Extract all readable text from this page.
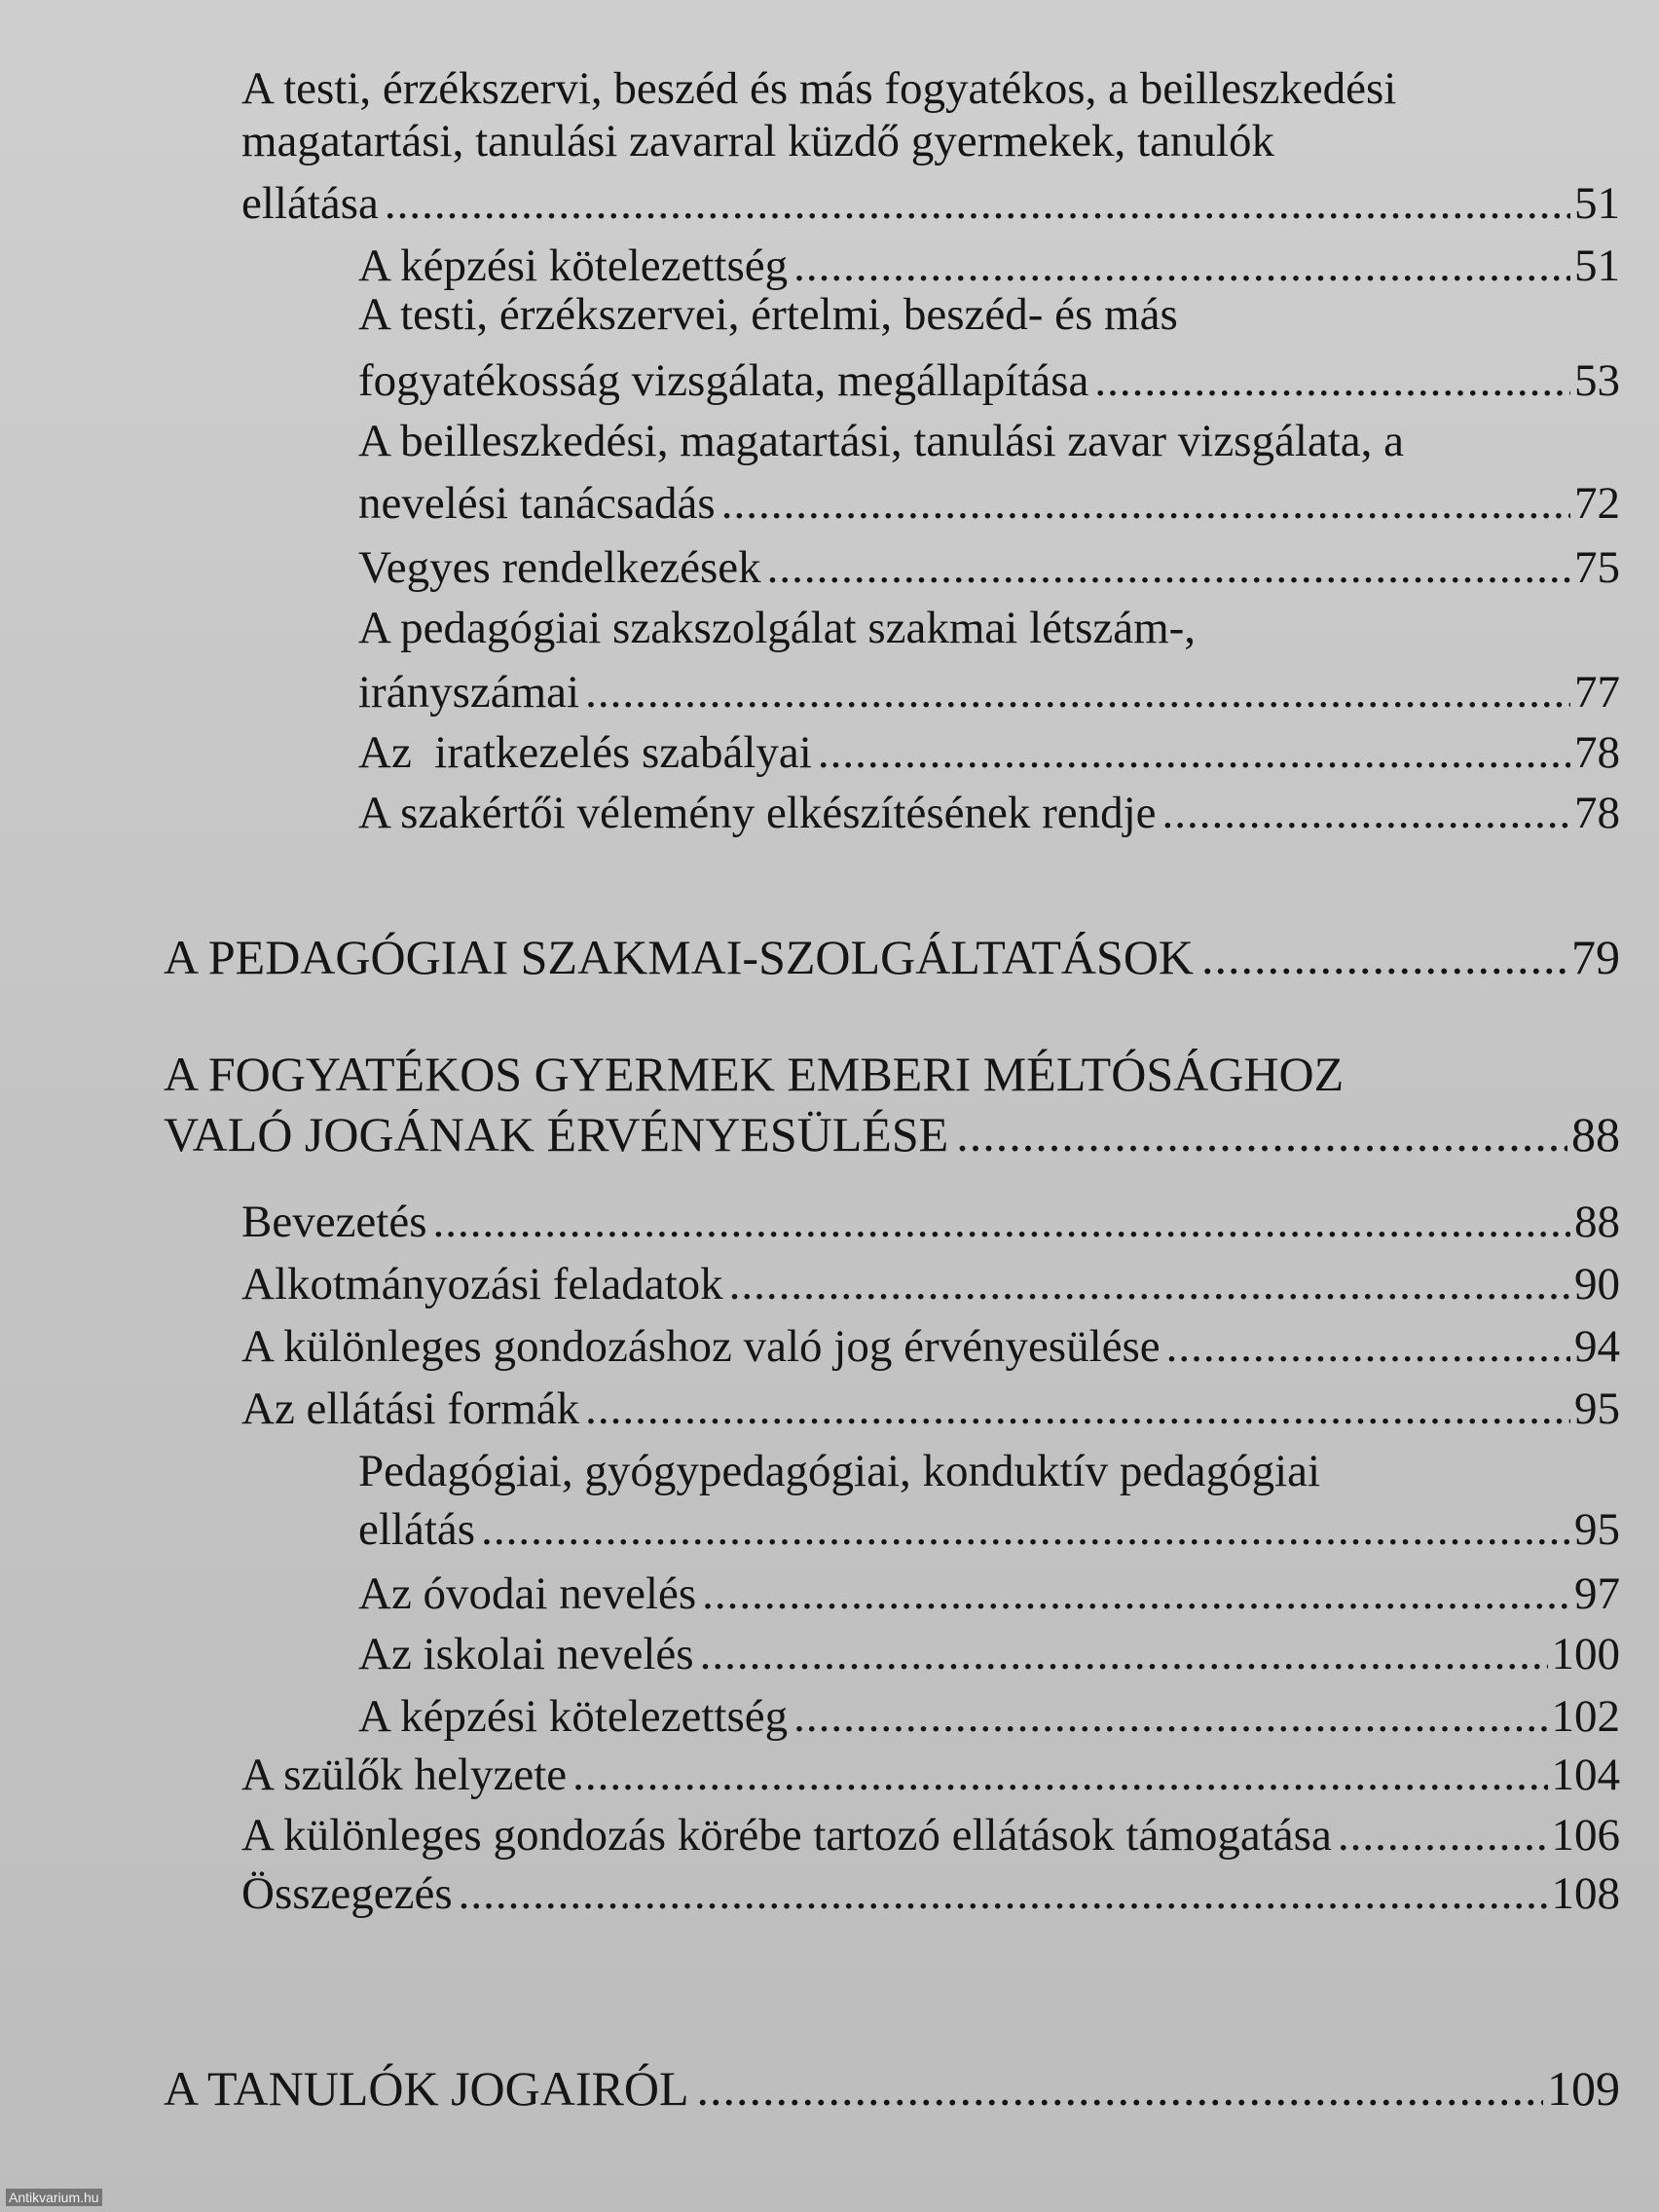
A testi, érzékszervi, beszéd és más fogyatékos, a beilleszkedési
magatartási, tanulási zavarral küzdő gyermekek, tanulók
ellátása .....	51
A képzési kötelezettség .....	51
A testi, érzékszervei, értelmi, beszéd- és más
fogyatékosság vizsgálata, megállapítása .....	53
A beilleszkedési, magatartási, tanulási zavar vizsgálata, a
nevelési tanácsadás .....	72
Vegyes rendelkezések .....	75
A pedagógiai szakszolgálat szakmai létszám-,
irányszámai .....	77
Az  iratkezelés szabályai .....	78
A szakértői vélemény elkészítésének rendje .....	78
A PEDAGÓGIAI SZAKMAI-SZOLGÁLTATÁSOK .....	79
A FOGYATÉKOS GYERMEK EMBERI MÉLTÓSÁGHOZ
VALÓ JOGÁNAK ÉRVÉNYESÜLÉSE .....	88
Bevezetés .....	88
Alkotmányozási feladatok .....	90
A különleges gondozáshoz való jog érvényesülése .....	94
Az ellátási formák .....	95
Pedagógiai, gyógypedagógiai, konduktív pedagógiai
ellátás .....	95
Az óvodai nevelés .....	97
Az iskolai nevelés .....	100
A képzési kötelezettség .....	102
A szülők helyzete .....	104
A különleges gondozás körébe tartozó ellátások támogatása .....	106
Összegezés .....	108
A TANULÓK JOGAIRÓL .....	109
Antikvarium.hu
